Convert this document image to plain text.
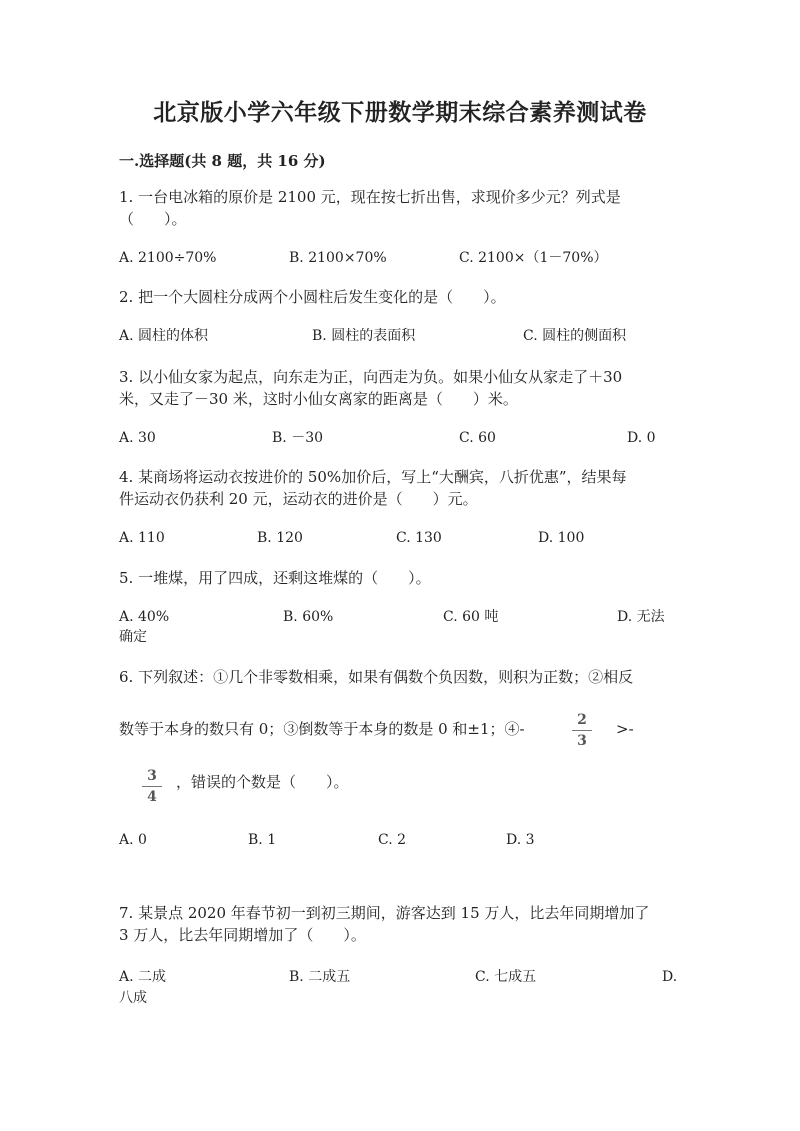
北京版小学六年级下册数学期末综合素养测试卷
一.选择题(共 8 题，共 16 分)
1. 一台电冰箱的原价是 2100 元，现在按七折出售，求现价多少元？列式是
（　　）。
A. 2100÷70%	B. 2100×70%	C. 2100×（1－70%）
2. 把一个大圆柱分成两个小圆柱后发生变化的是（　　）。
A. 圆柱的体积	B. 圆柱的表面积	C. 圆柱的侧面积
3. 以小仙女家为起点，向东走为正，向西走为负。如果小仙女从家走了＋30
米，又走了－30 米，这时小仙女离家的距离是（　　）米。
A. 30	B. －30	C. 60	D. 0
4. 某商场将运动衣按进价的 50%加价后，写上“大酬宾，八折优惠”，结果每
件运动衣仍获利 20 元，运动衣的进价是（　　）元。
A. 110	B. 120	C. 130	D. 100
5. 一堆煤，用了四成，还剩这堆煤的（　　）。
A. 40%	B. 60%	C. 60 吨	D. 无法
确定
6. 下列叙述：①几个非零数相乘，如果有偶数个负因数，则积为正数；②相反
数等于本身的数只有 0；③倒数等于本身的数是 0 和±1；④-	2
3
>-
3
4
，错误的个数是（　　）。
A. 0	B. 1	C. 2	D. 3
7. 某景点 2020 年春节初一到初三期间，游客达到 15 万人，比去年同期增加了
3 万人，比去年同期增加了（　　）。
A. 二成	B. 二成五	C. 七成五	D.
八成
